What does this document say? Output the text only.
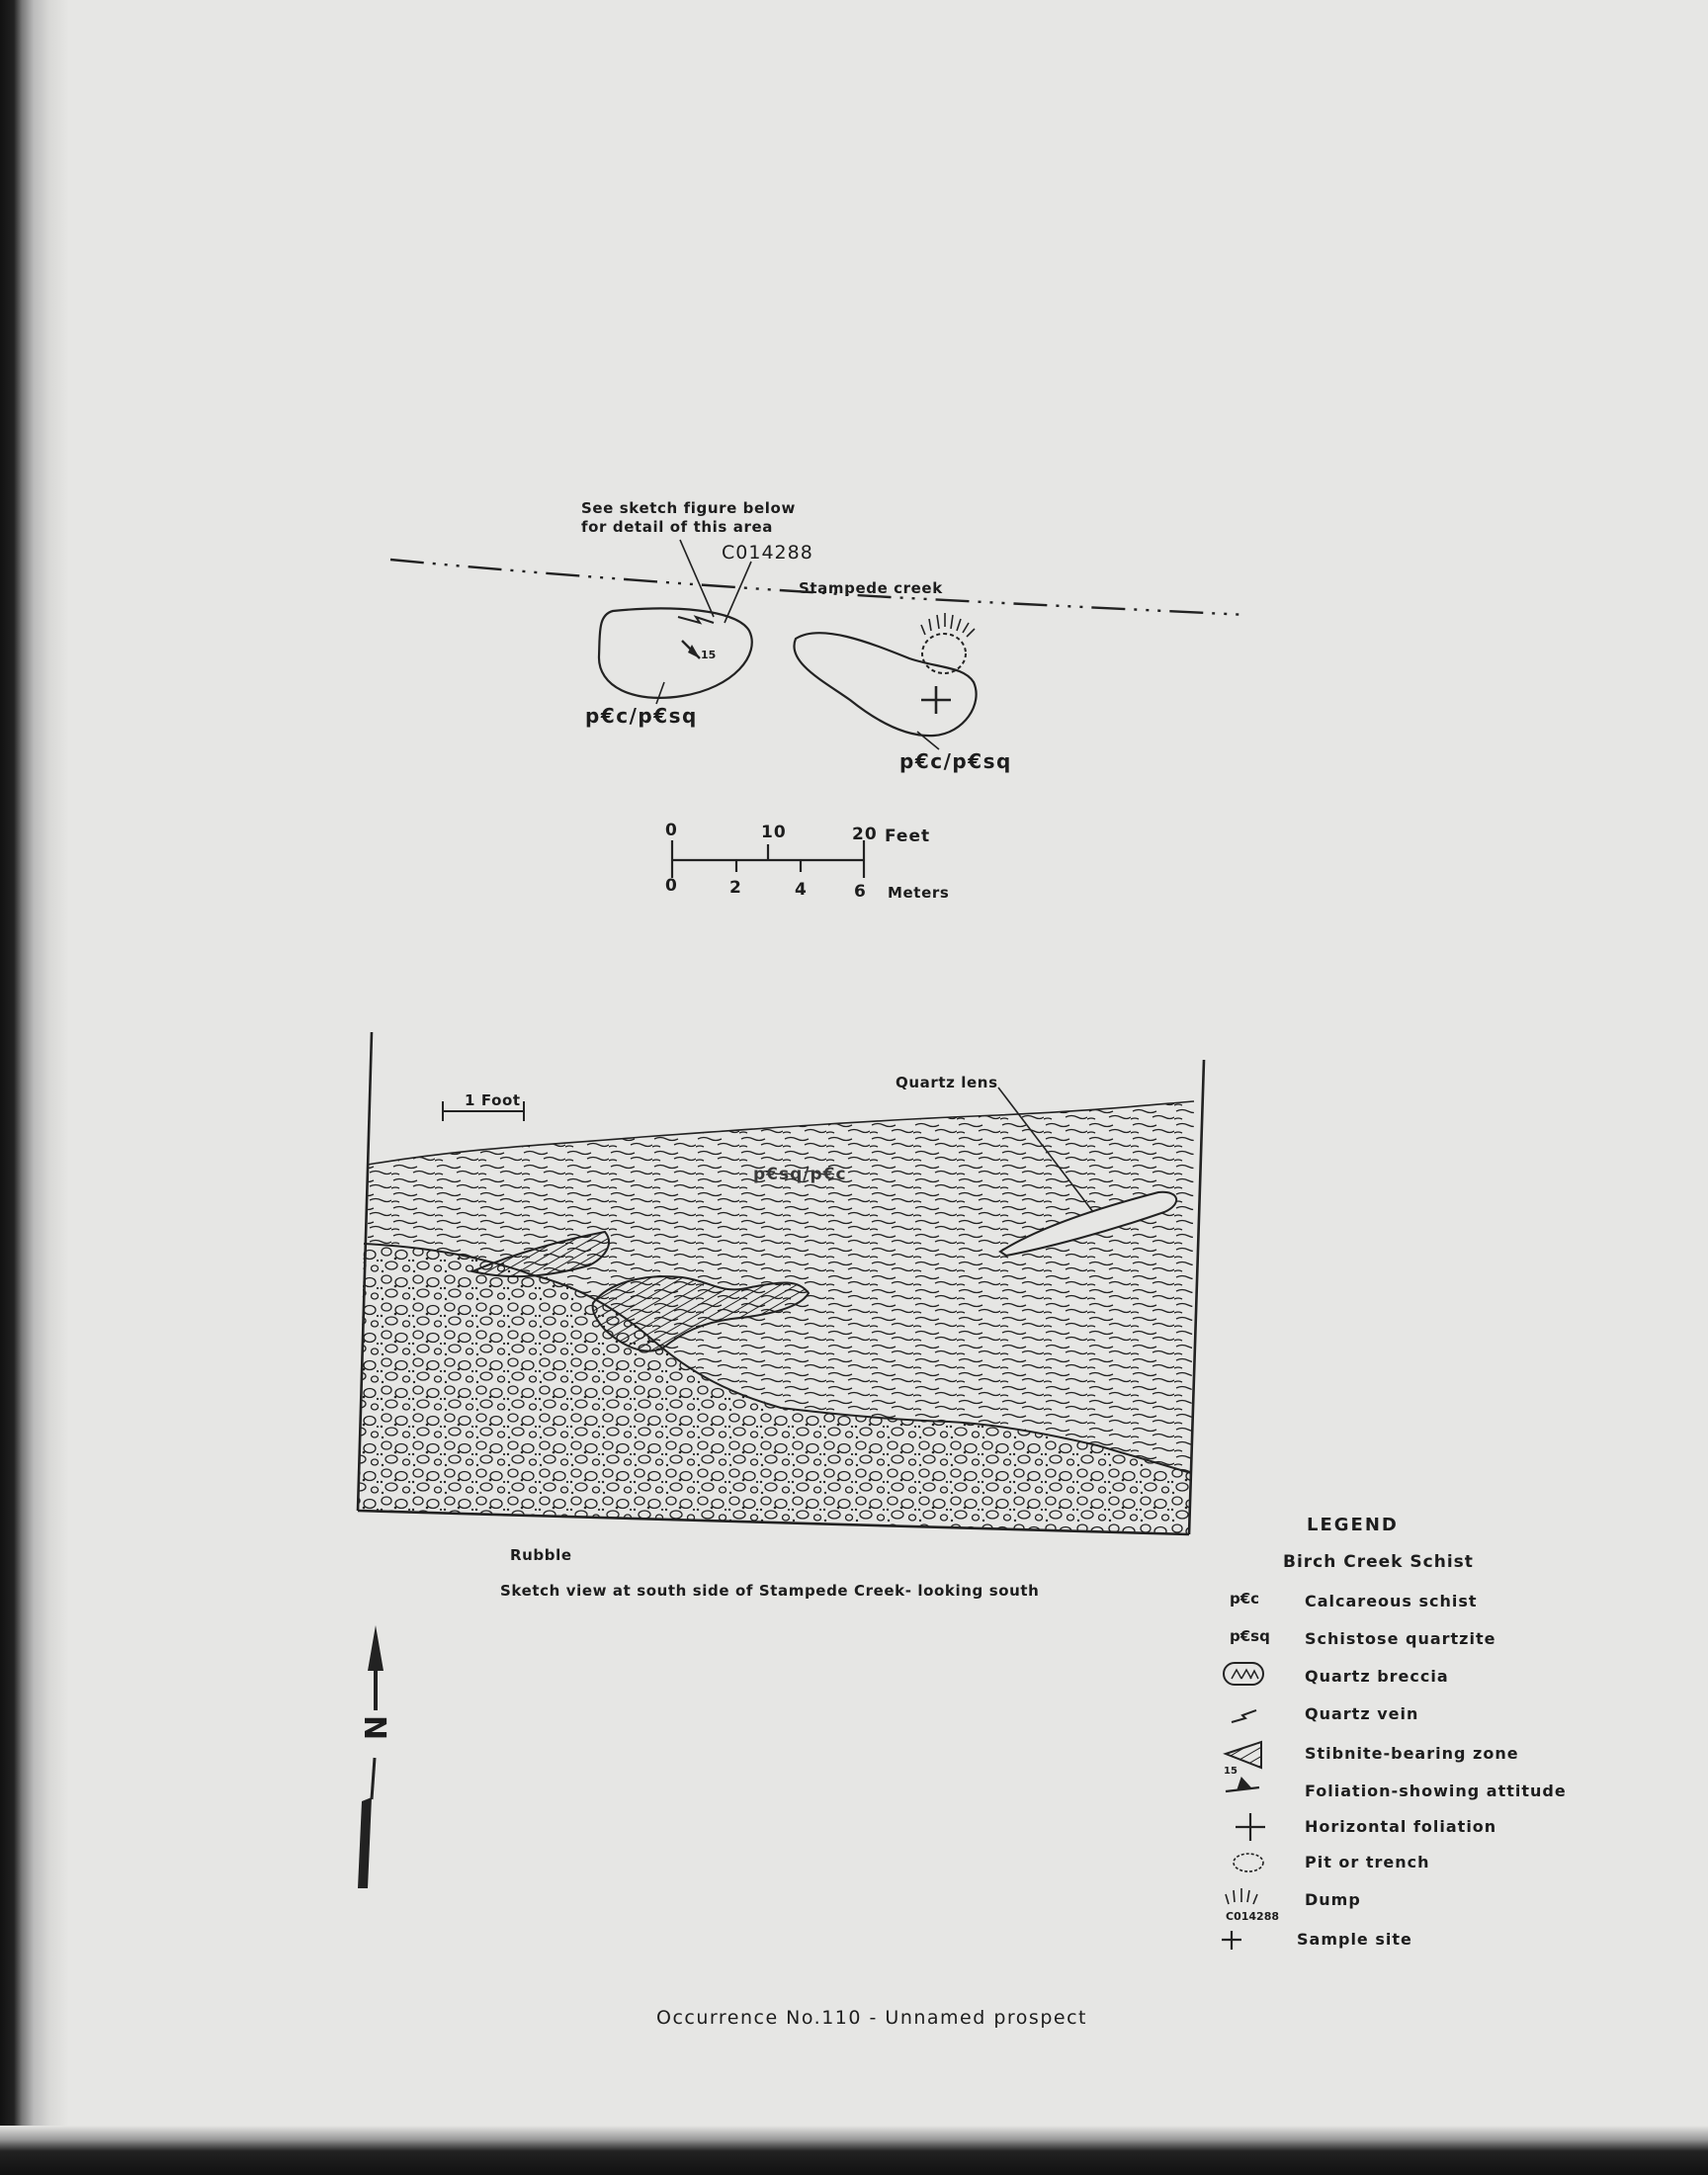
See sketch figure below
for detail of this area
C014288
Stampede creek
15
p€c/p€sq
p€c/p€sq
0	10	20 Feet
0	2	4	6 Meters
1 Foot
Quartz lens
p€sq/p€c
Rubble
Sketch view at south side of Stampede Creek- looking south
N
LEGEND
Birch Creek Schist
p€c	Calcareous schist
p€sq	Schistose quartzite
Quartz breccia
Quartz vein
Stibnite-bearing zone
15
Foliation-showing attitude
Horizontal foliation
Pit or trench
Dump
C014288
Sample site
Occurrence No.110 - Unnamed prospect
